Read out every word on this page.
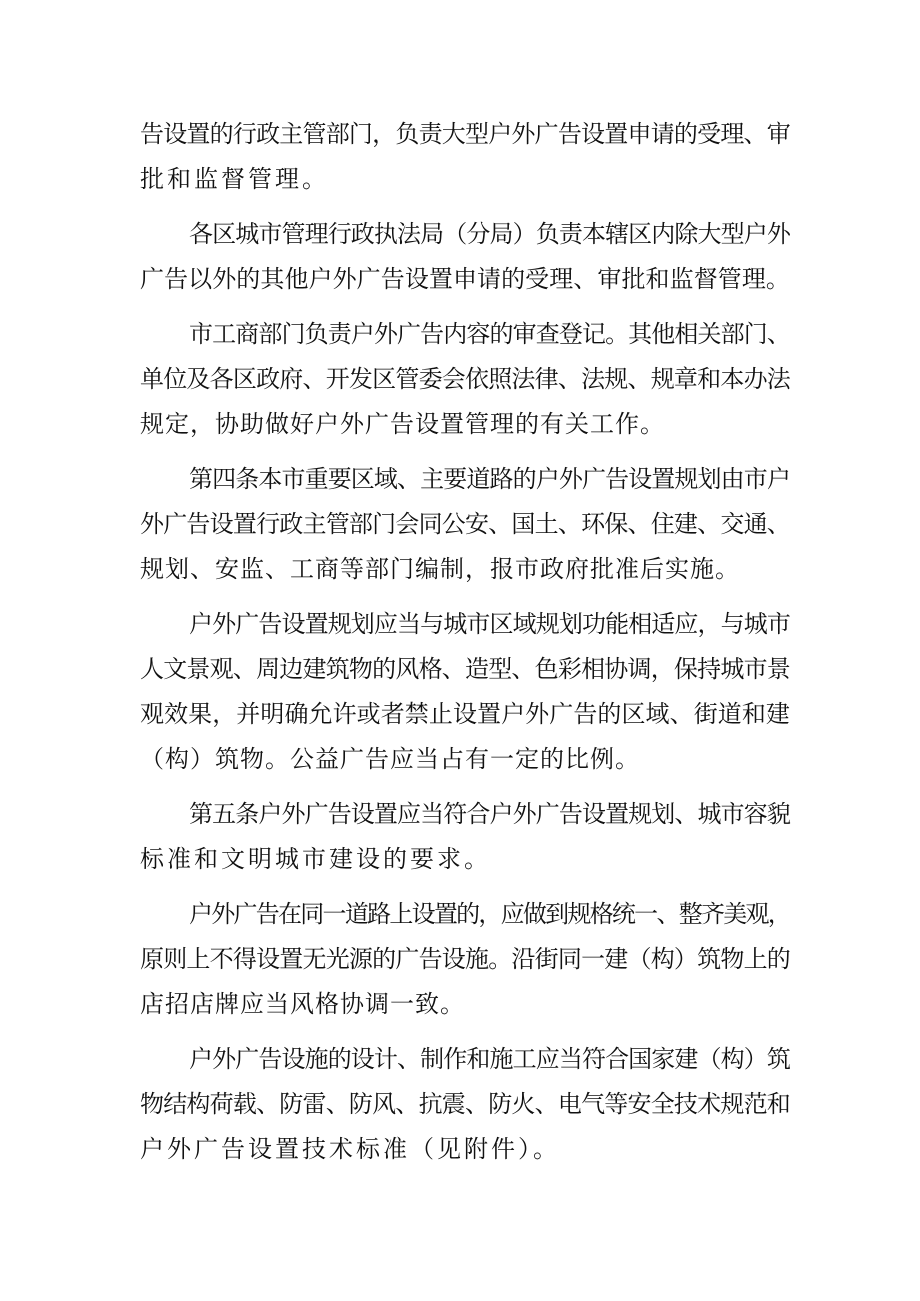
告设置的行政主管部门，负责大型户外广告设置申请的受理、审
批和监督管理。
各区城市管理行政执法局（分局）负责本辖区内除大型户外
广告以外的其他户外广告设置申请的受理、审批和监督管理。
市工商部门负责户外广告内容的审查登记。其他相关部门、
单位及各区政府、开发区管委会依照法律、法规、规章和本办法
规定，协助做好户外广告设置管理的有关工作。
第四条本市重要区域、主要道路的户外广告设置规划由市户
外广告设置行政主管部门会同公安、国土、环保、住建、交通、
规划、安监、工商等部门编制，报市政府批准后实施。
户外广告设置规划应当与城市区域规划功能相适应，与城市
人文景观、周边建筑物的风格、造型、色彩相协调，保持城市景
观效果，并明确允许或者禁止设置户外广告的区域、街道和建
（构）筑物。公益广告应当占有一定的比例。
第五条户外广告设置应当符合户外广告设置规划、城市容貌
标准和文明城市建设的要求。
户外广告在同一道路上设置的，应做到规格统一、整齐美观，
原则上不得设置无光源的广告设施。沿街同一建（构）筑物上的
店招店牌应当风格协调一致。
户外广告设施的设计、制作和施工应当符合国家建（构）筑
物结构荷载、防雷、防风、抗震、防火、电气等安全技术规范和
户外广告设置技术标准（见附件）。
